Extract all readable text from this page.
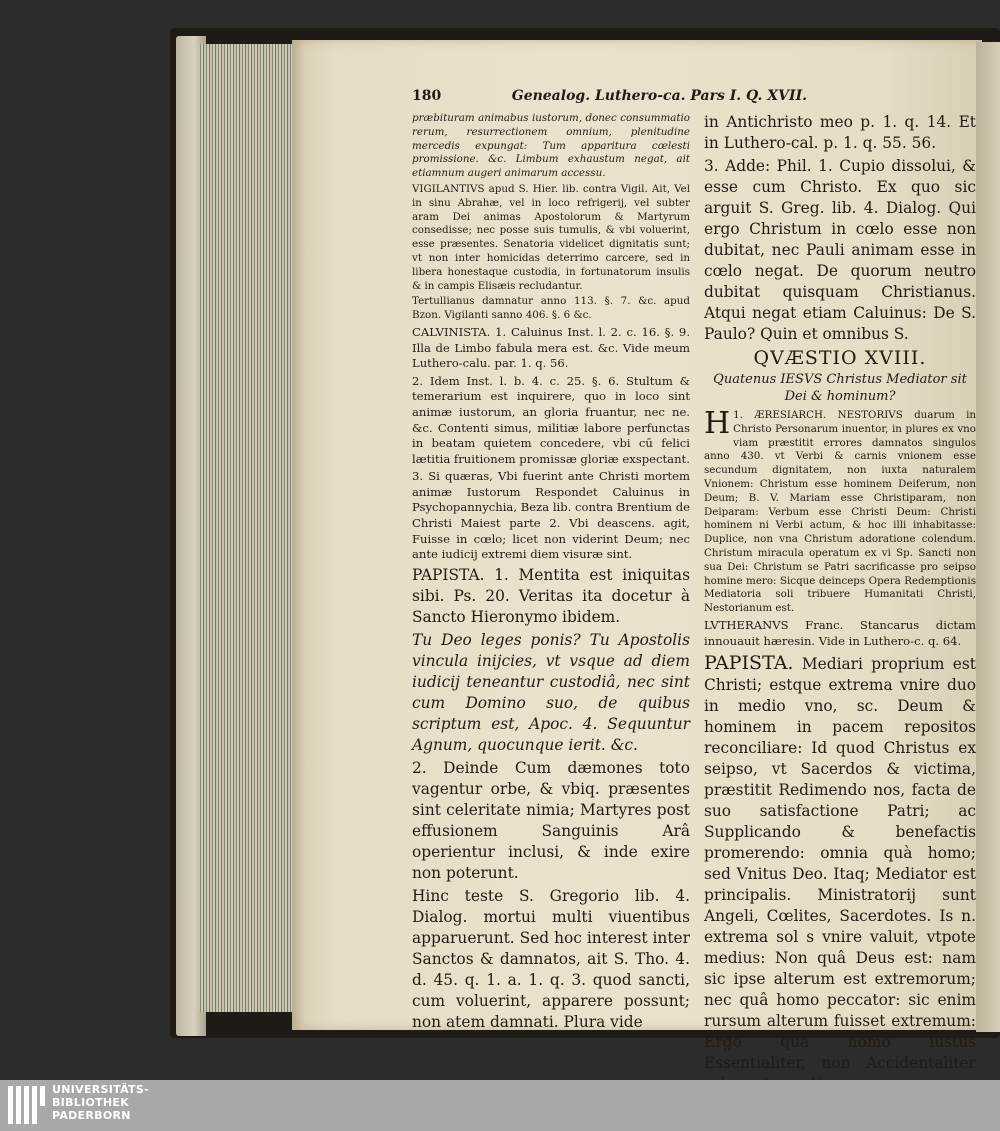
180	Genealog. Luthero-ca. Pars I. Q. XVII.

præbituram animabus iustorum, donec consummatio rerum, resurrectionem omnium, plenitudine mercedis expungat: Tum apparitura cœlesti promissione. &c. Limbum exhaustum negat, ait etiamnum augeri animarum accessu.

VIGILANTIVS apud S. Hier. lib. contra Vigil. Ait, Vel in sinu Abrahæ, vel in loco refrigerij, vel subter aram Dei animas Apostolorum & Martyrum consedisse; nec posse suis tumulis, & vbi voluerint, esse præsentes. Senatoria videlicet dignitatis sunt; vt non inter homicidas deterrimo carcere, sed in libera honestaque custodia, in fortunatorum insulis & in campis Elisæis recludantur.

Tertullianus damnatur anno 113. §. 7. &c. apud Bzon. Vigilanti sanno 406. §. 6 &c.

CALVINISTA. 1. Caluinus Inst. l. 2. c. 16. §. 9. Illa de Limbo fabula mera est. &c. Vide meum Luthero-calu. par. 1. q. 56.

2. Idem Inst. l. b. 4. c. 25. §. 6. Stultum & temerarium est inquirere, quo in loco sint animæ iustorum, an gloria fruantur, nec ne. &c. Contenti simus, militiæ labore perfunctas in beatam quietem concedere, vbi cū felici lætitia fruitionem promissæ gloriæ exspectant.

3. Si quæras, Vbi fuerint ante Christi mortem animæ Iustorum Respondet Caluinus in Psychopannychia, Beza lib. contra Brentium de Christi Maiest parte 2. Vbi deascens. agit, Fuisse in cœlo; licet non viderint Deum; nec ante iudicij extremi diem visuræ sint.

PAPISTA. 1. Mentita est iniquitas sibi. Ps. 20. Veritas ita docetur à Sancto Hieronymo ibidem.

Tu Deo leges ponis? Tu Apostolis vincula inijcies, vt vsque ad diem iudicij teneantur custodiâ, nec sint cum Domino suo, de quibus scriptum est, Apoc. 4. Sequuntur Agnum, quocunque ierit. &c.

2. Deinde Cum dæmones toto vagentur orbe, & vbiq. præsentes sint celeritate nimia; Martyres post effusionem Sanguinis Arâ operientur inclusi, & inde exire non poterunt.

Hinc teste S. Gregorio lib. 4. Dialog. mortui multi viuentibus apparuerunt. Sed hoc interest inter Sanctos & damnatos, ait S. Tho. 4. d. 45. q. 1. a. 1. q. 3. quod sancti, cum voluerint, apparere possunt; non atem damnati. Plura vide

in Antichristo meo p. 1. q. 14. Et in Luthero-cal. p. 1. q. 55. 56.

3. Adde: Phil. 1. Cupio dissolui, & esse cum Christo. Ex quo sic arguit S. Greg. lib. 4. Dialog. Qui ergo Christum in cœlo esse non dubitat, nec Pauli animam esse in cœlo negat. De quorum neutro dubitat quisquam Christianus. Atqui negat etiam Caluinus: De S. Paulo? Quin et omnibus S.

QVÆSTIO XVIII.

Quatenus IESVS Christus Mediator sit Dei & hominum?

H 1. ÆRESIARCH. NESTORIVS duarum in Christo Personarum inuentor, in plures ex vno viam præstitit errores damnatos singulos anno 430. vt Verbi & carnis vnionem esse secundum dignitatem, non iuxta naturalem Vnionem: Christum esse hominem Deiferum, non Deum; B. V. Mariam esse Christiparam, non Deiparam: Verbum esse Christi Deum: Christi hominem ni Verbi actum, & hoc illi inhabitasse: Duplice, non vna Christum adoratione colendum. Christum miracula operatum ex vi Sp. Sancti non sua Dei: Christum se Patri sacrificasse pro seipso homine mero: Sicque deinceps Opera Redemptionis Mediatoria soli tribuere Humanitati Christi, Nestorianum est.

LVTHERANVS Franc. Stancarus dictam innouauit hæresin. Vide in Luthero-c. q. 64.

PAPISTA. Mediari proprium est Christi; estque extrema vnire duo in medio vno, sc. Deum & hominem in pacem repositos reconciliare: Id quod Christus ex seipso, vt Sacerdos & victima, præstitit Redimendo nos, facta de suo satisfactione Patri; ac Supplicando & benefactis promerendo: omnia quà homo; sed Vnitus Deo. Itaq; Mediator est principalis. Ministratorij sunt Angeli, Cœlites, Sacerdotes. Is n. extrema sol s vnire valuit, vtpote medius: Non quâ Deus est: nam sic ipse alterum est extremorum; nec quâ homo peccator: sic enim rursum alterum fuisset extremum: Ergo quâ homo iustus Essentialiter, non Accidentaliter

UNIVERSITÄTS-
BIBLIOTHEK
PADERBORN
